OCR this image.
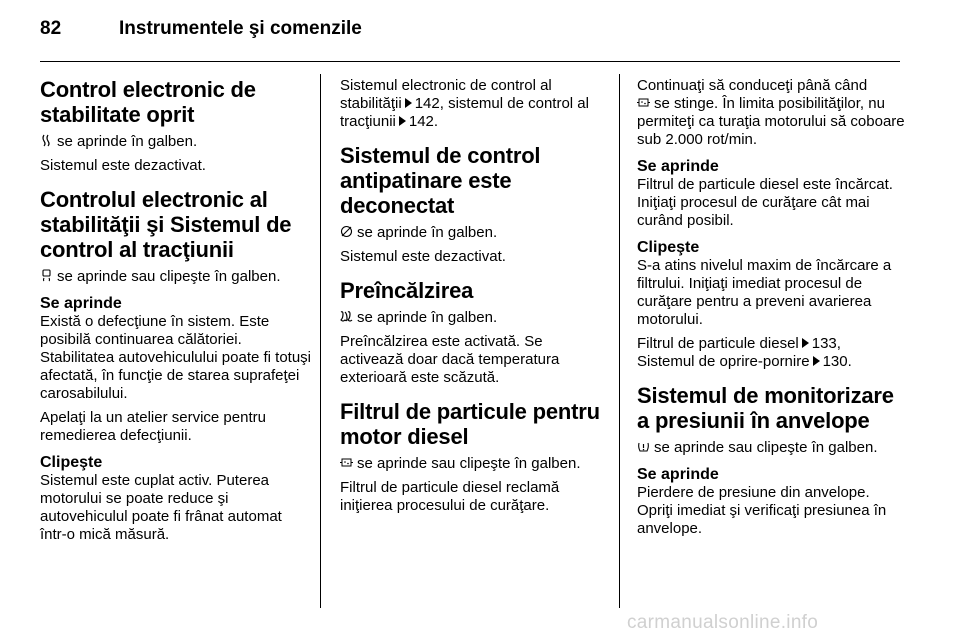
82	Instrumentele şi comenzile
Control electronic de stabilitate oprit

se aprinde în galben.

Sistemul este dezactivat.

Controlul electronic al stabilităţii şi Sistemul de control al tracţiunii

se aprinde sau clipeşte în galben.

Se aprinde

Există o defecţiune în sistem. Este posibilă continuarea călătoriei. Stabilitatea autovehiculului poate fi totuşi afectată, în funcţie de starea suprafeţei carosabilului.

Apelaţi la un atelier service pentru remedierea defecţiunii.

Clipeşte

Sistemul este cuplat activ. Puterea motorului se poate reduce şi autovehiculul poate fi frânat automat într-o mică măsură.

Sistemul electronic de control al stabilităţii 142, sistemul de control al tracţiunii 142.

Sistemul de control antipatinare este deconectat

se aprinde în galben.

Sistemul este dezactivat.

Preîncălzirea

se aprinde în galben.

Preîncălzirea este activată. Se activează doar dacă temperatura exterioară este scăzută.

Filtrul de particule pentru motor diesel

se aprinde sau clipeşte în galben.

Filtrul de particule diesel reclamă iniţierea procesului de curăţare.

Continuaţi să conduceţi până când
se stinge. În limita posibilităţilor, nu permiteţi ca turaţia motorului să coboare sub 2.000 rot/min.

Se aprinde

Filtrul de particule diesel este încărcat. Iniţiaţi procesul de curăţare cât mai curând posibil.

Clipeşte

S-a atins nivelul maxim de încărcare a filtrului. Iniţiaţi imediat procesul de curăţare pentru a preveni avarierea motorului.

Filtrul de particule diesel 133,
Sistemul de oprire-pornire 130.

Sistemul de monitorizare a presiunii în anvelope

se aprinde sau clipeşte în galben.

Se aprinde

Pierdere de presiune din anvelope. Opriţi imediat şi verificaţi presiunea în anvelope.

carmanualsonline.info
